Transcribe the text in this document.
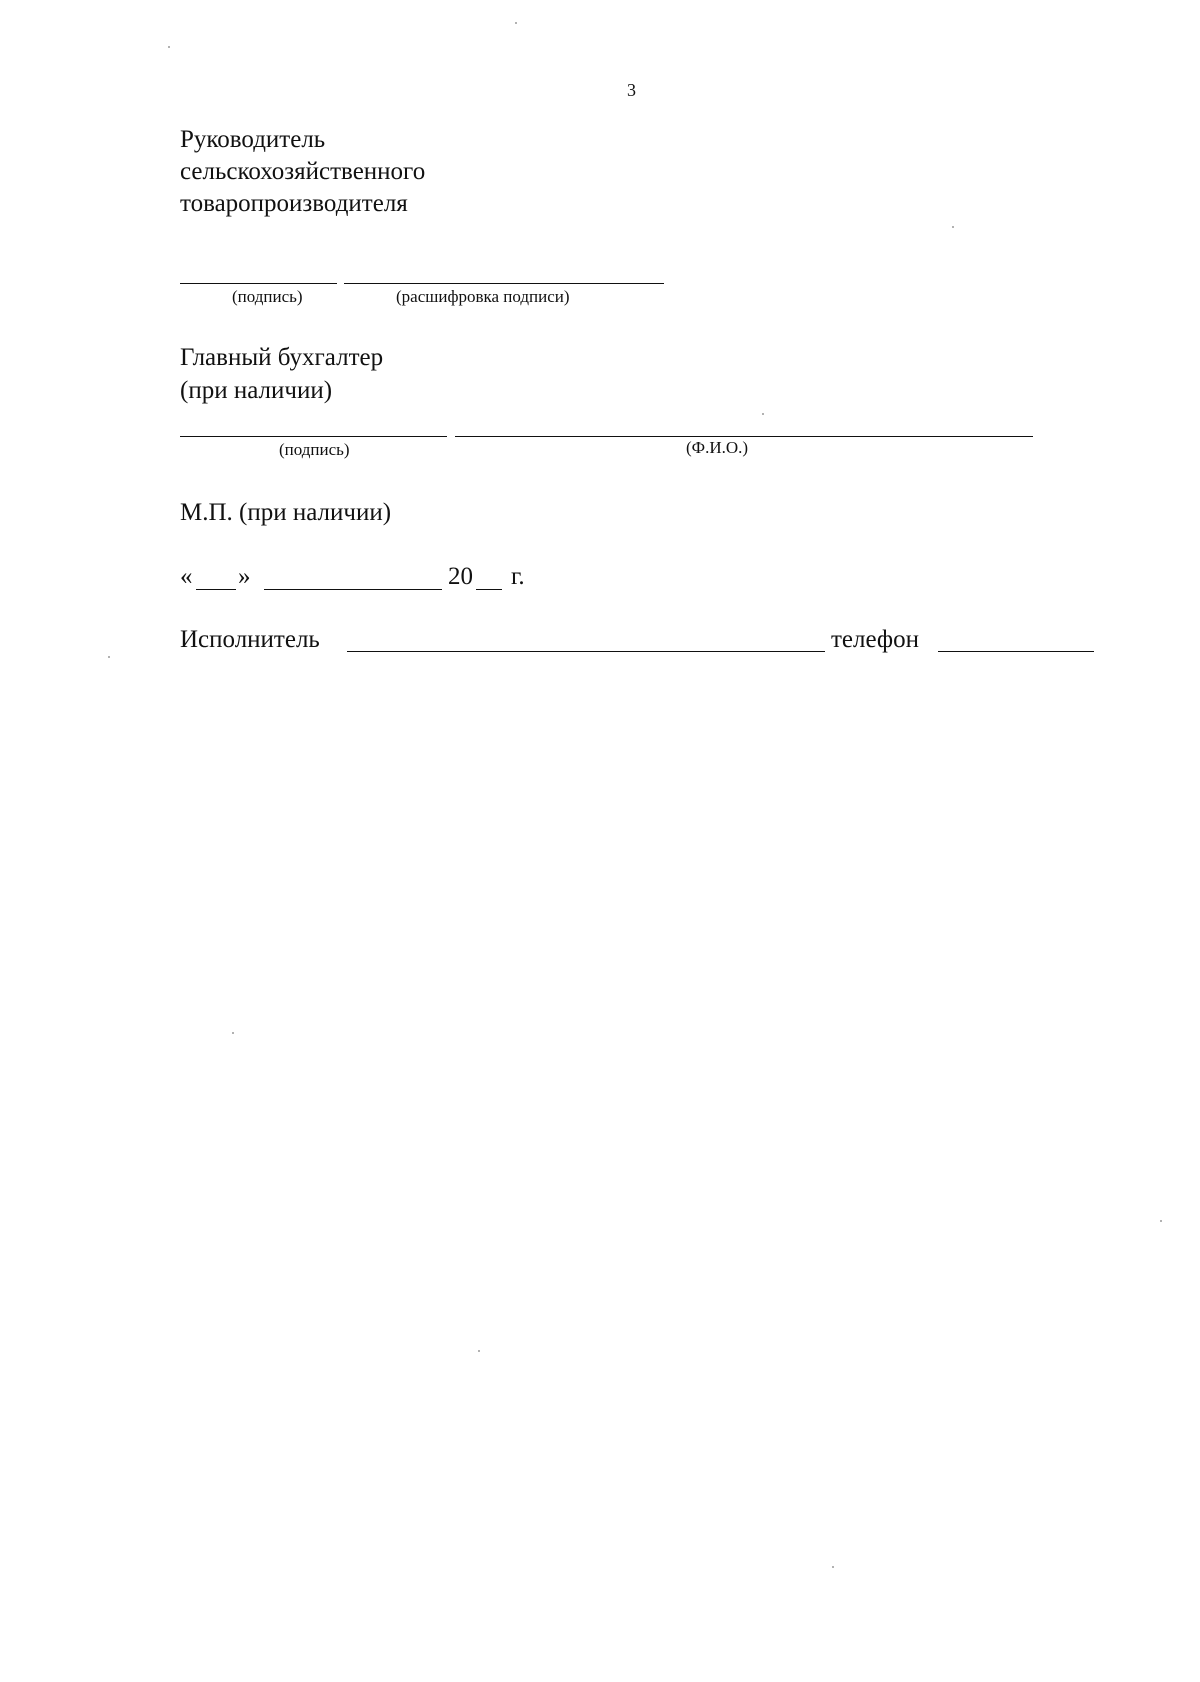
3
Руководитель
сельскохозяйственного
товаропроизводителя
(подпись)	(расшифровка подписи)
Главный бухгалтер
(при наличии)
(подпись)	(Ф.И.О.)
М.П. (при наличии)
« »	20 г.
Исполнитель	телефон
